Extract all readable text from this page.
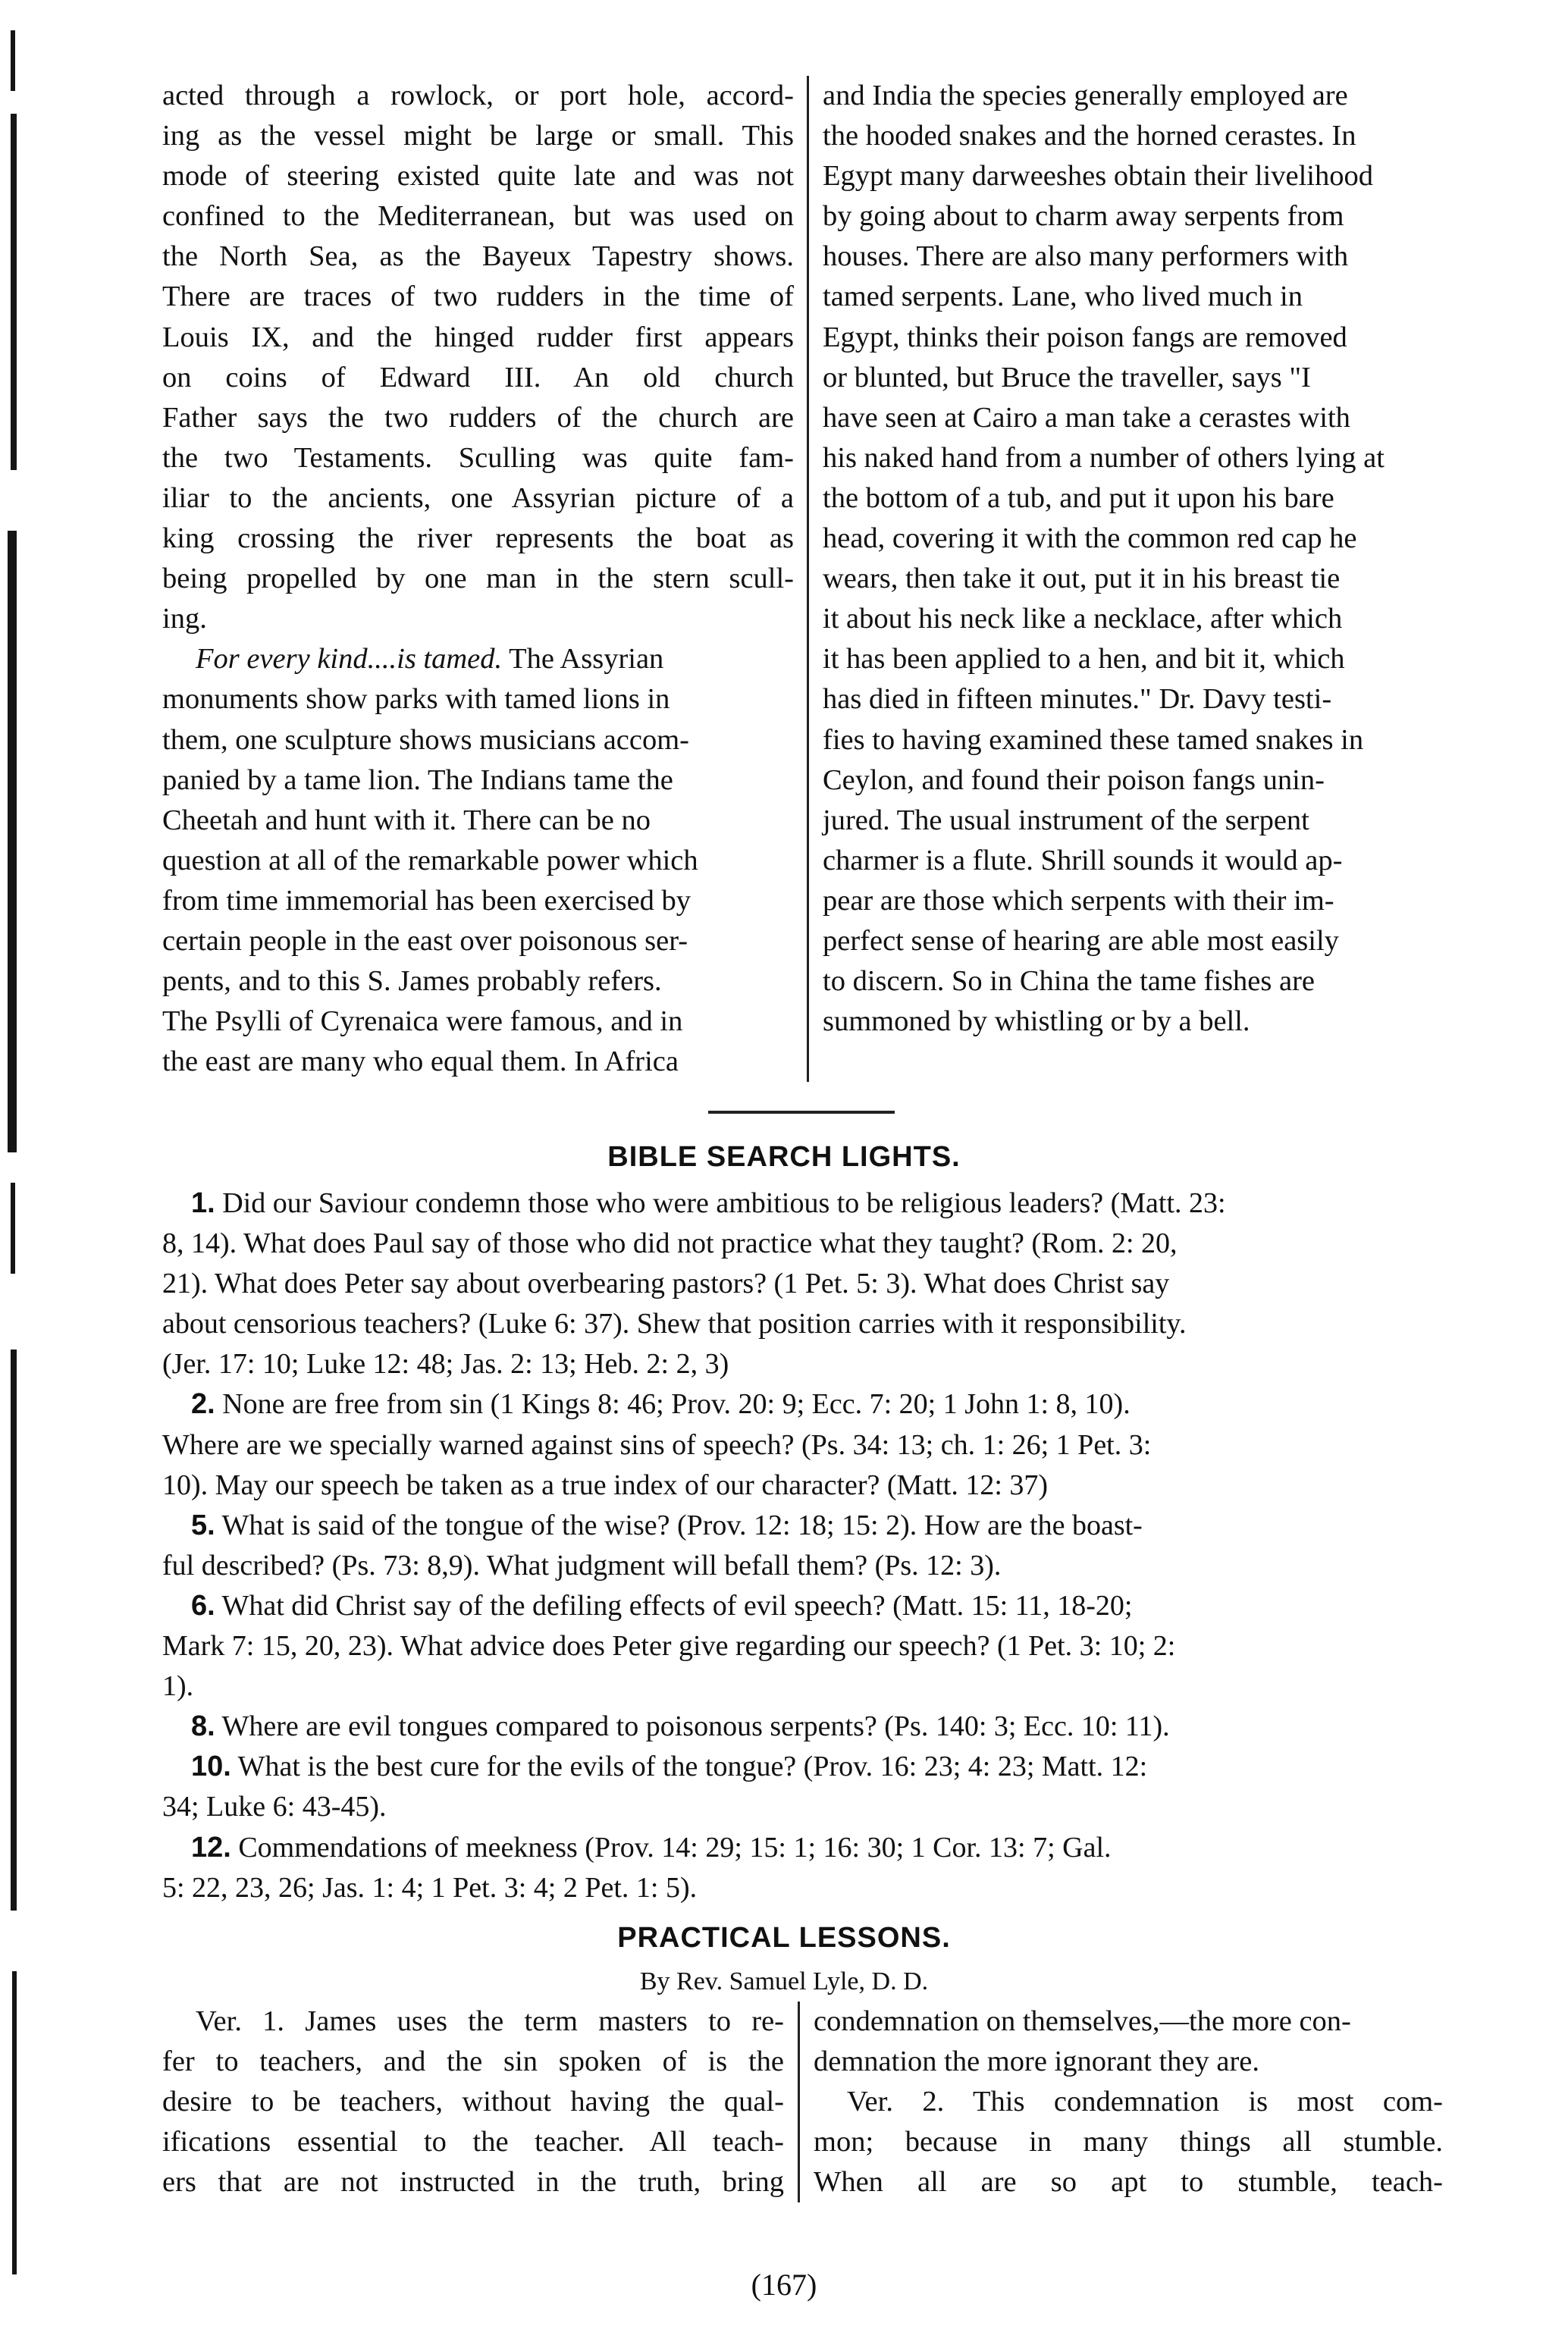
acted through a rowlock, or port hole, accord-
ing as the vessel might be large or small. This
mode of steering existed quite late and was not
confined to the Mediterranean, but was used on
the North Sea, as the Bayeux Tapestry shows.
There are traces of two rudders in the time of
Louis IX, and the hinged rudder first appears
on coins of Edward III. An old church
Father says the two rudders of the church are
the two Testaments. Sculling was quite fam-
iliar to the ancients, one Assyrian picture of a
king crossing the river represents the boat as
being propelled by one man in the stern scull-
ing.

For every kind....is tamed. The Assyrian
monuments show parks with tamed lions in
them, one sculpture shows musicians accom-
panied by a tame lion. The Indians tame the
Cheetah and hunt with it. There can be no
question at all of the remarkable power which
from time immemorial has been exercised by
certain people in the east over poisonous ser-
pents, and to this S. James probably refers.
The Psylli of Cyrenaica were famous, and in
the east are many who equal them. In Africa

and India the species generally employed are
the hooded snakes and the horned cerastes. In
Egypt many darweeshes obtain their livelihood
by going about to charm away serpents from
houses. There are also many performers with
tamed serpents. Lane, who lived much in
Egypt, thinks their poison fangs are removed
or blunted, but Bruce the traveller, says "I
have seen at Cairo a man take a cerastes with
his naked hand from a number of others lying at
the bottom of a tub, and put it upon his bare
head, covering it with the common red cap he
wears, then take it out, put it in his breast tie
it about his neck like a necklace, after which
it has been applied to a hen, and bit it, which
has died in fifteen minutes." Dr. Davy testi-
fies to having examined these tamed snakes in
Ceylon, and found their poison fangs unin-
jured. The usual instrument of the serpent
charmer is a flute. Shrill sounds it would ap-
pear are those which serpents with their im-
perfect sense of hearing are able most easily
to discern. So in China the tame fishes are
summoned by whistling or by a bell.

BIBLE SEARCH LIGHTS.

1. Did our Saviour condemn those who were ambitious to be religious leaders? (Matt. 23:
8, 14). What does Paul say of those who did not practice what they taught? (Rom. 2: 20,
21). What does Peter say about overbearing pastors? (1 Pet. 5: 3). What does Christ say
about censorious teachers? (Luke 6: 37). Shew that position carries with it responsibility.
(Jer. 17: 10; Luke 12: 48; Jas. 2: 13; Heb. 2: 2, 3)

2. None are free from sin (1 Kings 8: 46; Prov. 20: 9; Ecc. 7: 20; 1 John 1: 8, 10).
Where are we specially warned against sins of speech? (Ps. 34: 13; ch. 1: 26; 1 Pet. 3:
10). May our speech be taken as a true index of our character? (Matt. 12: 37)

5. What is said of the tongue of the wise? (Prov. 12: 18; 15: 2). How are the boast-
ful described? (Ps. 73: 8,9). What judgment will befall them? (Ps. 12: 3).

6. What did Christ say of the defiling effects of evil speech? (Matt. 15: 11, 18-20;
Mark 7: 15, 20, 23). What advice does Peter give regarding our speech? (1 Pet. 3: 10; 2:
1).

8. Where are evil tongues compared to poisonous serpents? (Ps. 140: 3; Ecc. 10: 11).

10. What is the best cure for the evils of the tongue? (Prov. 16: 23; 4: 23; Matt. 12:
34; Luke 6: 43-45).

12. Commendations of meekness (Prov. 14: 29; 15: 1; 16: 30; 1 Cor. 13: 7; Gal.
5: 22, 23, 26; Jas. 1: 4; 1 Pet. 3: 4; 2 Pet. 1: 5).

PRACTICAL LESSONS.
By Rev. Samuel Lyle, D. D.

Ver. 1. James uses the term masters to re-
fer to teachers, and the sin spoken of is the
desire to be teachers, without having the qual-
ifications essential to the teacher. All teach-
ers that are not instructed in the truth, bring

condemnation on themselves,—the more con-
demnation the more ignorant they are.

Ver. 2. This condemnation is most com-
mon; because in many things all stumble.
When all are so apt to stumble, teach-

(167)
